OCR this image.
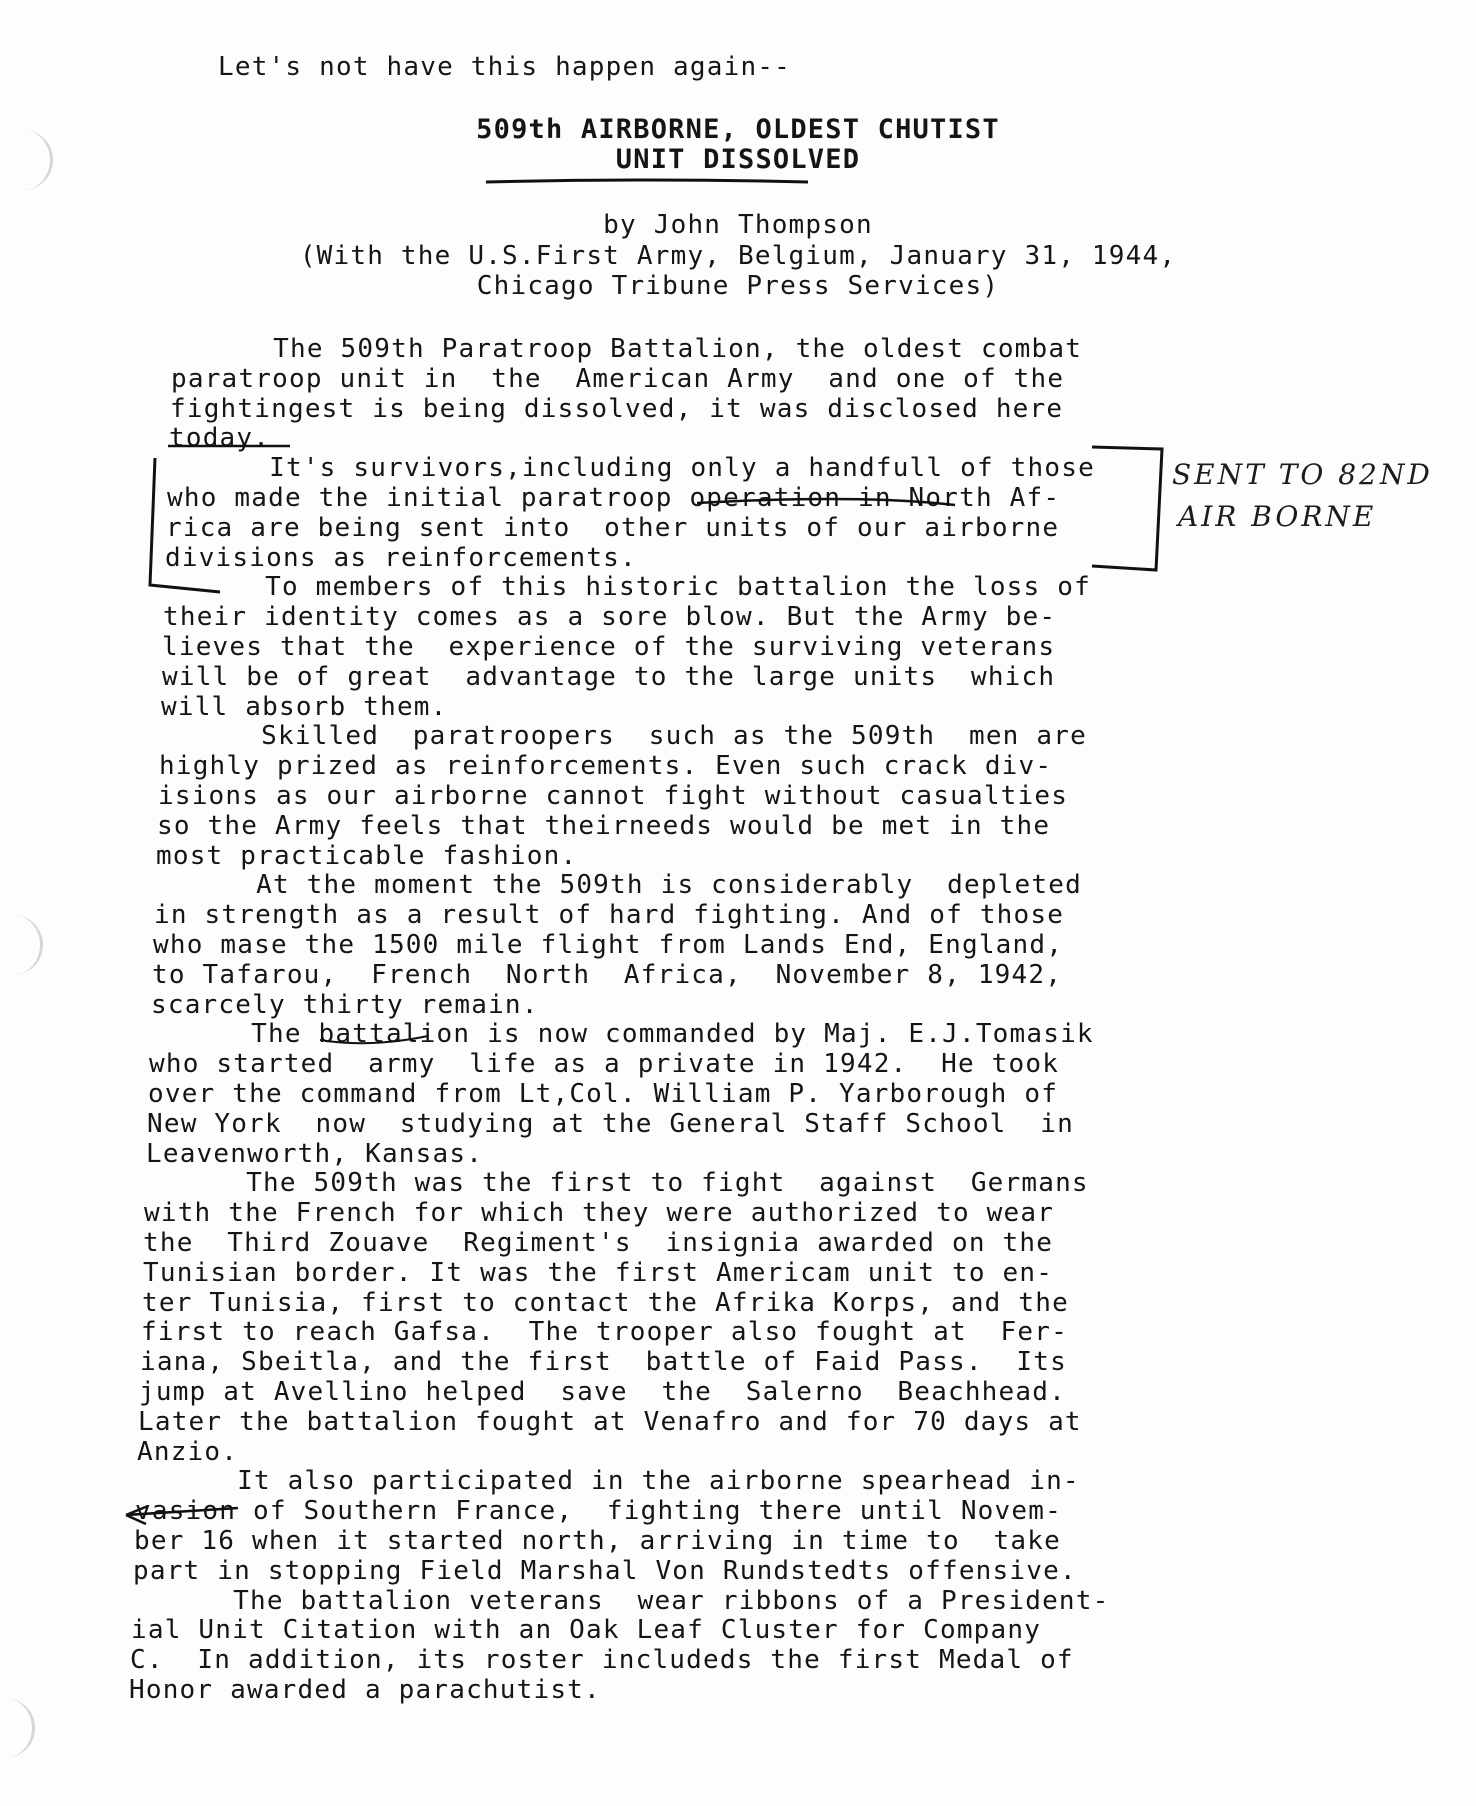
Let's not have this happen again--
509th AIRBORNE, OLDEST CHUTIST
UNIT DISSOLVED
by John Thompson
(With the U.S.First Army, Belgium, January 31, 1944,
Chicago Tribune Press Services)
The 509th Paratroop Battalion, the oldest combat
paratroop unit in  the  American Army  and one of the
fightingest is being dissolved, it was disclosed here
today.
It's survivors,including only a handfull of those
who made the initial paratroop operation in North Af-
rica are being sent into  other units of our airborne
divisions as reinforcements.
To members of this historic battalion the loss of
their identity comes as a sore blow. But the Army be-
lieves that the  experience of the surviving veterans
will be of great  advantage to the large units  which
will absorb them.
Skilled  paratroopers  such as the 509th  men are
highly prized as reinforcements. Even such crack div-
isions as our airborne cannot fight without casualties
so the Army feels that theirneeds would be met in the
most practicable fashion.
At the moment the 509th is considerably  depleted
in strength as a result of hard fighting. And of those
who mase the 1500 mile flight from Lands End, England,
to Tafarou,  French  North  Africa,  November 8, 1942,
scarcely thirty remain.
The battalion is now commanded by Maj. E.J.Tomasik
who started  army  life as a private in 1942.  He took
over the command from Lt,Col. William P. Yarborough of
New York  now  studying at the General Staff School  in
Leavenworth, Kansas.
The 509th was the first to fight  against  Germans
with the French for which they were authorized to wear
the  Third Zouave  Regiment's  insignia awarded on the
Tunisian border. It was the first Americam unit to en-
ter Tunisia, first to contact the Afrika Korps, and the
first to reach Gafsa.  The trooper also fought at  Fer-
iana, Sbeitla, and the first  battle of Faid Pass.  Its
jump at Avellino helped  save  the  Salerno  Beachhead.
Later the battalion fought at Venafro and for 70 days at
Anzio.
It also participated in the airborne spearhead in-
vasion of Southern France,  fighting there until Novem-
ber 16 when it started north, arriving in time to  take
part in stopping Field Marshal Von Rundstedts offensive.
The battalion veterans  wear ribbons of a President-
ial Unit Citation with an Oak Leaf Cluster for Company
C.  In addition, its roster includeds the first Medal of
Honor awarded a parachutist.
SENT TO 82ND
AIR BORNE
